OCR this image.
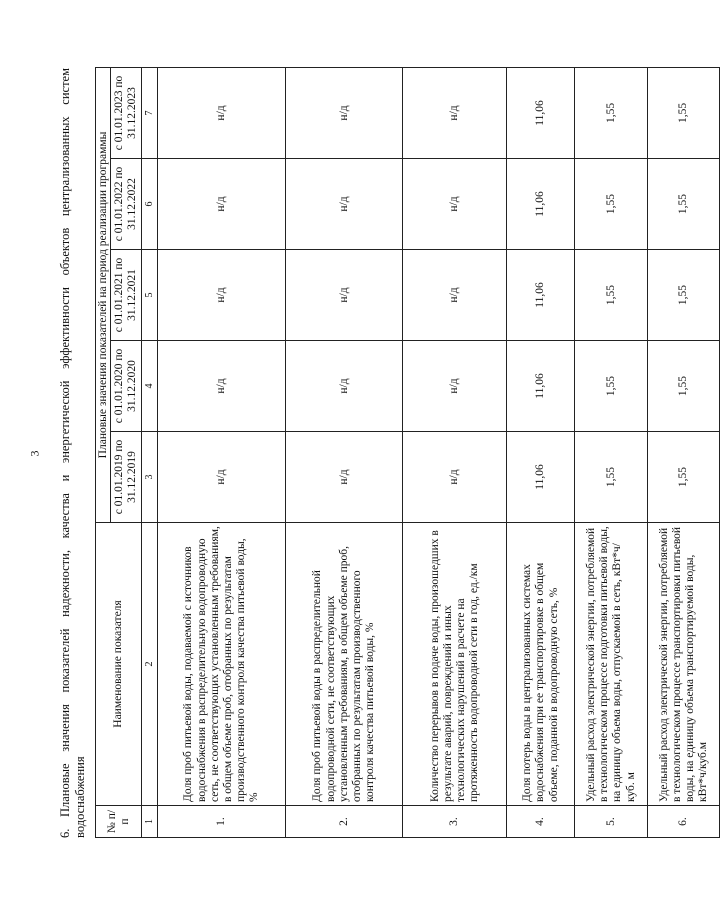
3 6. Плановые значения показателей надежности, качества и энергетической эффективности объектов централизованных систем водоснабжения № п/п	Наименование показателя	Плановые значения показателей на период реализации программы				
		с 01.01.2019 по 31.12.2019	с 01.01.2020 по 31.12.2020	с 01.01.2021 по 31.12.2021	с 01.01.2022 по 31.12.2022	с 01.01.2023 по 31.12.2023
1	2	3	4	5	6	7
1.	Доля проб питьевой воды, подаваемой с источников водоснабжения в распределительную водопроводную сеть, не соответствующих установленным требованиям, в общем объеме проб, отобранных по результатам производственного контроля качества питьевой воды, %	н/д	н/д	н/д	н/д	н/д
2.	Доля проб питьевой воды в распределительной водопроводной сети, не соответствующих установленным требованиям, в общем объеме проб, отобранных по результатам производственного контроля качества питьевой воды, %	н/д	н/д	н/д	н/д	н/д
3.	Количество перерывов в подаче воды, произошедших в результате аварий, повреждений и иных технологических нарушений в расчете на протяженность водопроводной сети в год, ед./км	н/д	н/д	н/д	н/д	н/д
4.	Доля потерь воды в централизованных системах водоснабжения при ее транспортировке в общем объеме, поданной в водопроводную сеть, %	11,06	11,06	11,06	11,06	11,06
5.	Удельный расход электрической энергии, потребляемой в технологическом процессе подготовки питьевой воды, на единицу объема воды, отпускаемой в сеть, кВт*ч/куб. м	1,55	1,55	1,55	1,55	1,55
6.	Удельный расход электрической энергии, потребляемой в технологическом процессе транспортировки питьевой воды, на единицу объема транспортируемой воды, кВт*ч/куб.м	1,55	1,55	1,55	1,55	1,55
